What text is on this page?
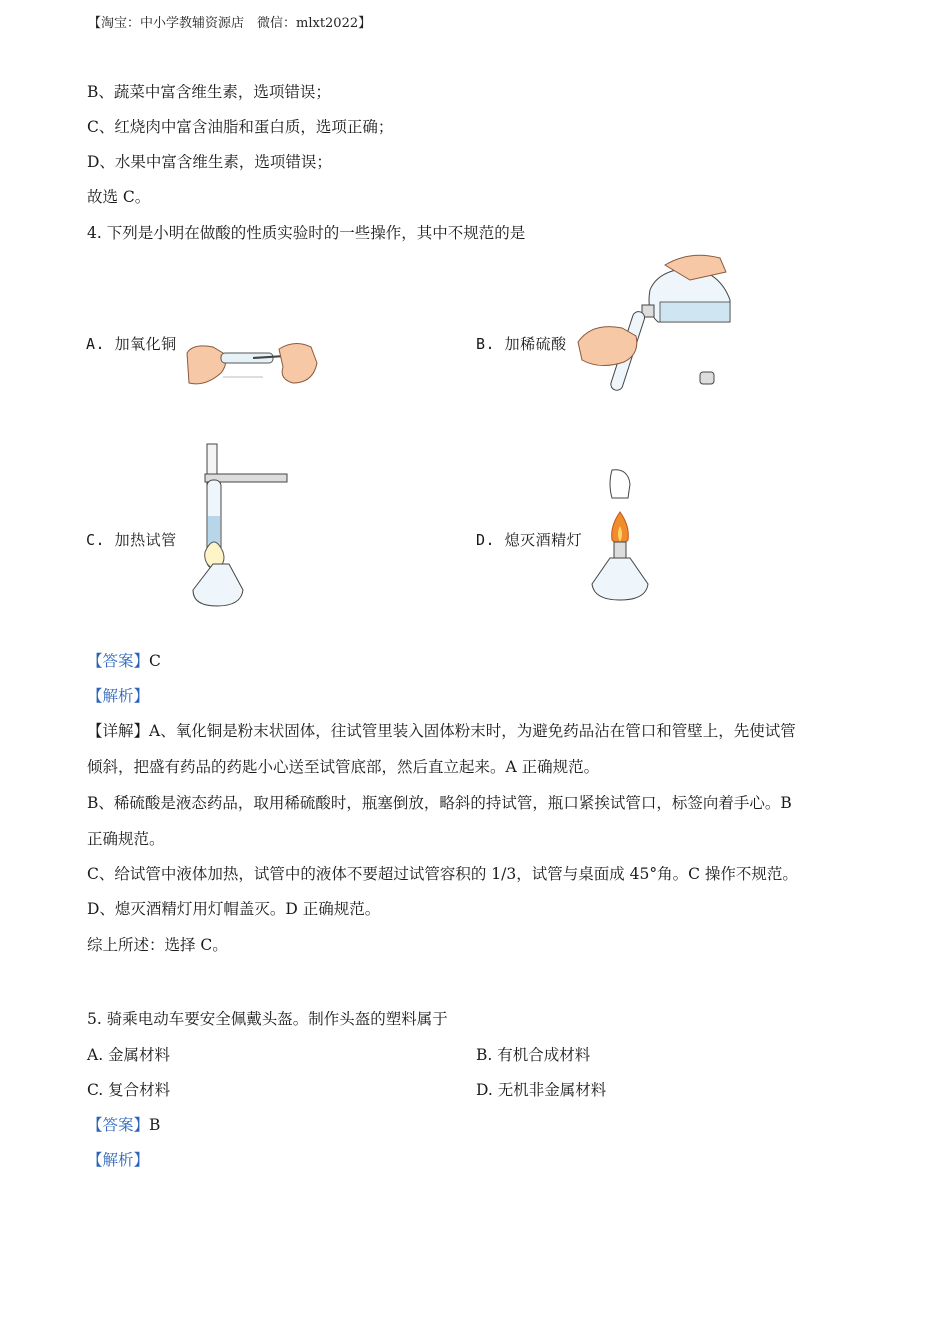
【淘宝：中小学教辅资源店　微信：mlxt2022】
B、蔬菜中富含维生素，选项错误；
C、红烧肉中富含油脂和蛋白质，选项正确；
D、水果中富含维生素，选项错误；
故选 C。
4. 下列是小明在做酸的性质实验时的一些操作，其中不规范的是
A. 加氧化铜	B. 加稀硫酸
C. 加热试管	D. 熄灭酒精灯
【答案】C
【解析】
【详解】A、氧化铜是粉末状固体，往试管里装入固体粉末时，为避免药品沾在管口和管壁上，先使试管
倾斜，把盛有药品的药匙小心送至试管底部，然后直立起来。A 正确规范。
B、稀硫酸是液态药品，取用稀硫酸时，瓶塞倒放，略斜的持试管，瓶口紧挨试管口，标签向着手心。B
正确规范。
C、给试管中液体加热，试管中的液体不要超过试管容积的 1/3，试管与桌面成 45°角。C 操作不规范。
D、熄灭酒精灯用灯帽盖灭。D 正确规范。
综上所述：选择 C。
5. 骑乘电动车要安全佩戴头盔。制作头盔的塑料属于
A. 金属材料	B. 有机合成材料
C. 复合材料	D. 无机非金属材料
【答案】B
【解析】
